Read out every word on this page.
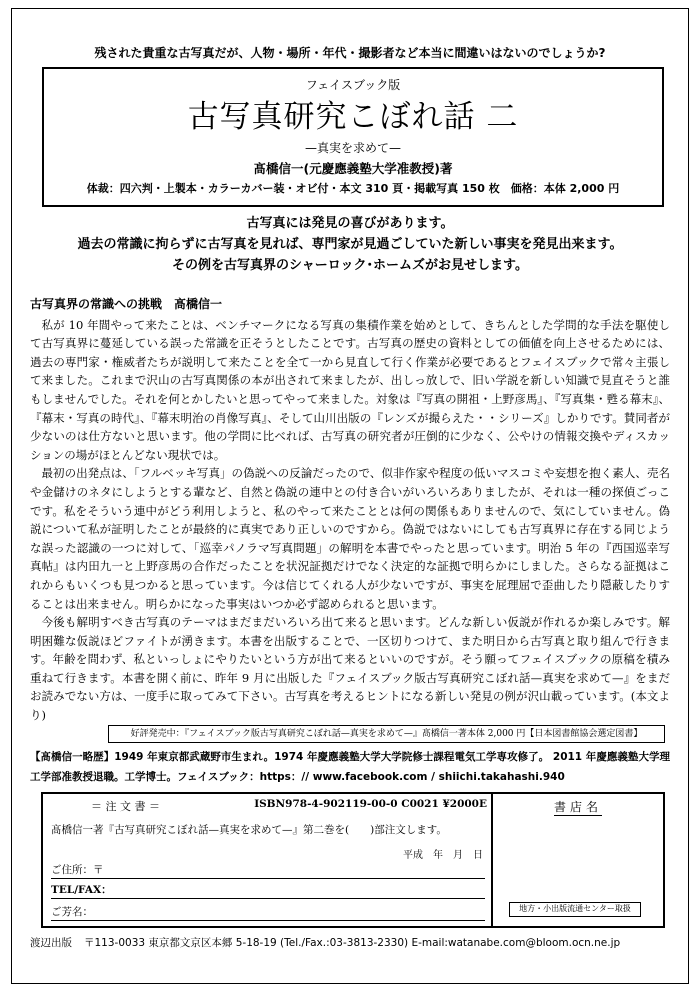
残された貴重な古写真だが、人物・場所・年代・撮影者など本当に間違いはないのでしょうか?
フェイスブック版
古写真研究こぼれ話 二
—真実を求めて—
髙橋信一(元慶應義塾大学准教授)著
体裁：四六判・上製本・カラーカバー装・オビ付・本文 310 頁・掲載写真 150 枚　価格：本体 2,000 円
古写真には発見の喜びがあります。
過去の常識に拘らずに古写真を見れば、専門家が見過ごしていた新しい事実を発見出来ます。
その例を古写真界のシャーロック･ホームズがお見せします。
古写真界の常識への挑戦　髙橋信一

私が 10 年間やって来たことは、ベンチマークになる写真の集積作業を始めとして、きちんとした学問的な手法を駆使して古写真界に蔓延している誤った常識を正そうとしたことです。古写真の歴史の資料としての価値を向上させるためには、過去の専門家・権威者たちが説明して来たことを全て一から見直して行く作業が必要であるとフェイスブックで常々主張して来ました。これまで沢山の古写真関係の本が出されて来ましたが、出しっ放しで、旧い学説を新しい知識で見直そうと誰もしませんでした。それを何とかしたいと思ってやって来ました。対象は『写真の開祖・上野彦馬』、『写真集・甦る幕末』、『幕末・写真の時代』、『幕末明治の肖像写真』、そして山川出版の『レンズが撮らえた・・シリーズ』しかりです。賛同者が少ないのは仕方ないと思います。他の学問に比べれば、古写真の研究者が圧倒的に少なく、公やけの情報交換やディスカッションの場がほとんどない現状では。

最初の出発点は、「フルベッキ写真」の偽説への反論だったので、似非作家や程度の低いマスコミや妄想を抱く素人、売名や金儲けのネタにしようとする輩など、自然と偽説の連中との付き合いがいろいろありましたが、それは一種の探偵ごっこです。私をそういう連中がどう利用しようと、私のやって来たこととは何の関係もありませんので、気にしていません。偽説について私が証明したことが最終的に真実であり正しいのですから。偽説ではないにしても古写真界に存在する同じような誤った認識の一つに対して、「巡幸パノラマ写真問題」の解明を本書でやったと思っています。明治 5 年の『西国巡幸写真帖』は内田九一と上野彦馬の合作だったことを状況証拠だけでなく決定的な証拠で明らかにしました。さらなる証拠はこれからもいくつも見つかると思っています。今は信じてくれる人が少ないですが、事実を屁理屈で歪曲したり隠蔽したりすることは出来ません。明らかになった事実はいつか必ず認められると思います。

今後も解明すべき古写真のテーマはまだまだいろいろ出て来ると思います。どんな新しい仮説が作れるか楽しみです。解明困難な仮説ほどファイトが湧きます。本書を出版することで、一区切りつけて、また明日から古写真と取り組んで行きます。年齢を問わず、私といっしょにやりたいという方が出て来るといいのですが。そう願ってフェイスブックの原稿を積み重ねて行きます。本書を開く前に、昨年 9 月に出版した『フェイスブック版古写真研究こぼれ話—真実を求めて—』をまだお読みでない方は、一度手に取ってみて下さい。古写真を考えるヒントになる新しい発見の例が沢山載っています。(本文より)

好評発売中：『フェイスブック版古写真研究こぼれ話—真実を求めて—』髙橋信一著本体 2,000 円【日本図書館協会選定図書】
【髙橋信一略歴】1949 年東京都武蔵野市生まれ。1974 年慶應義塾大学大学院修士課程電気工学専攻修了。 2011 年慶應義塾大学理工学部准教授退職。工学博士。フェイスブック：https：// www.facebook.com / shiichi.takahashi.940
＝ 注 文 書 ＝	ISBN978-4-902119-00-0 C0021 ¥2000E
髙橋信一著『古写真研究こぼれ話—真実を求めて—』第二巻を(　　)部注文します。
平成　年　月　日
ご住所：〒
TEL/FAX：
ご芳名：
書店名
地方・小出版流通センター取扱
渡辺出版 〒113-0033 東京都文京区本郷 5-18-19 (Tel./Fax.:03-3813-2330) E-mail:watanabe.com@bloom.ocn.ne.jp
